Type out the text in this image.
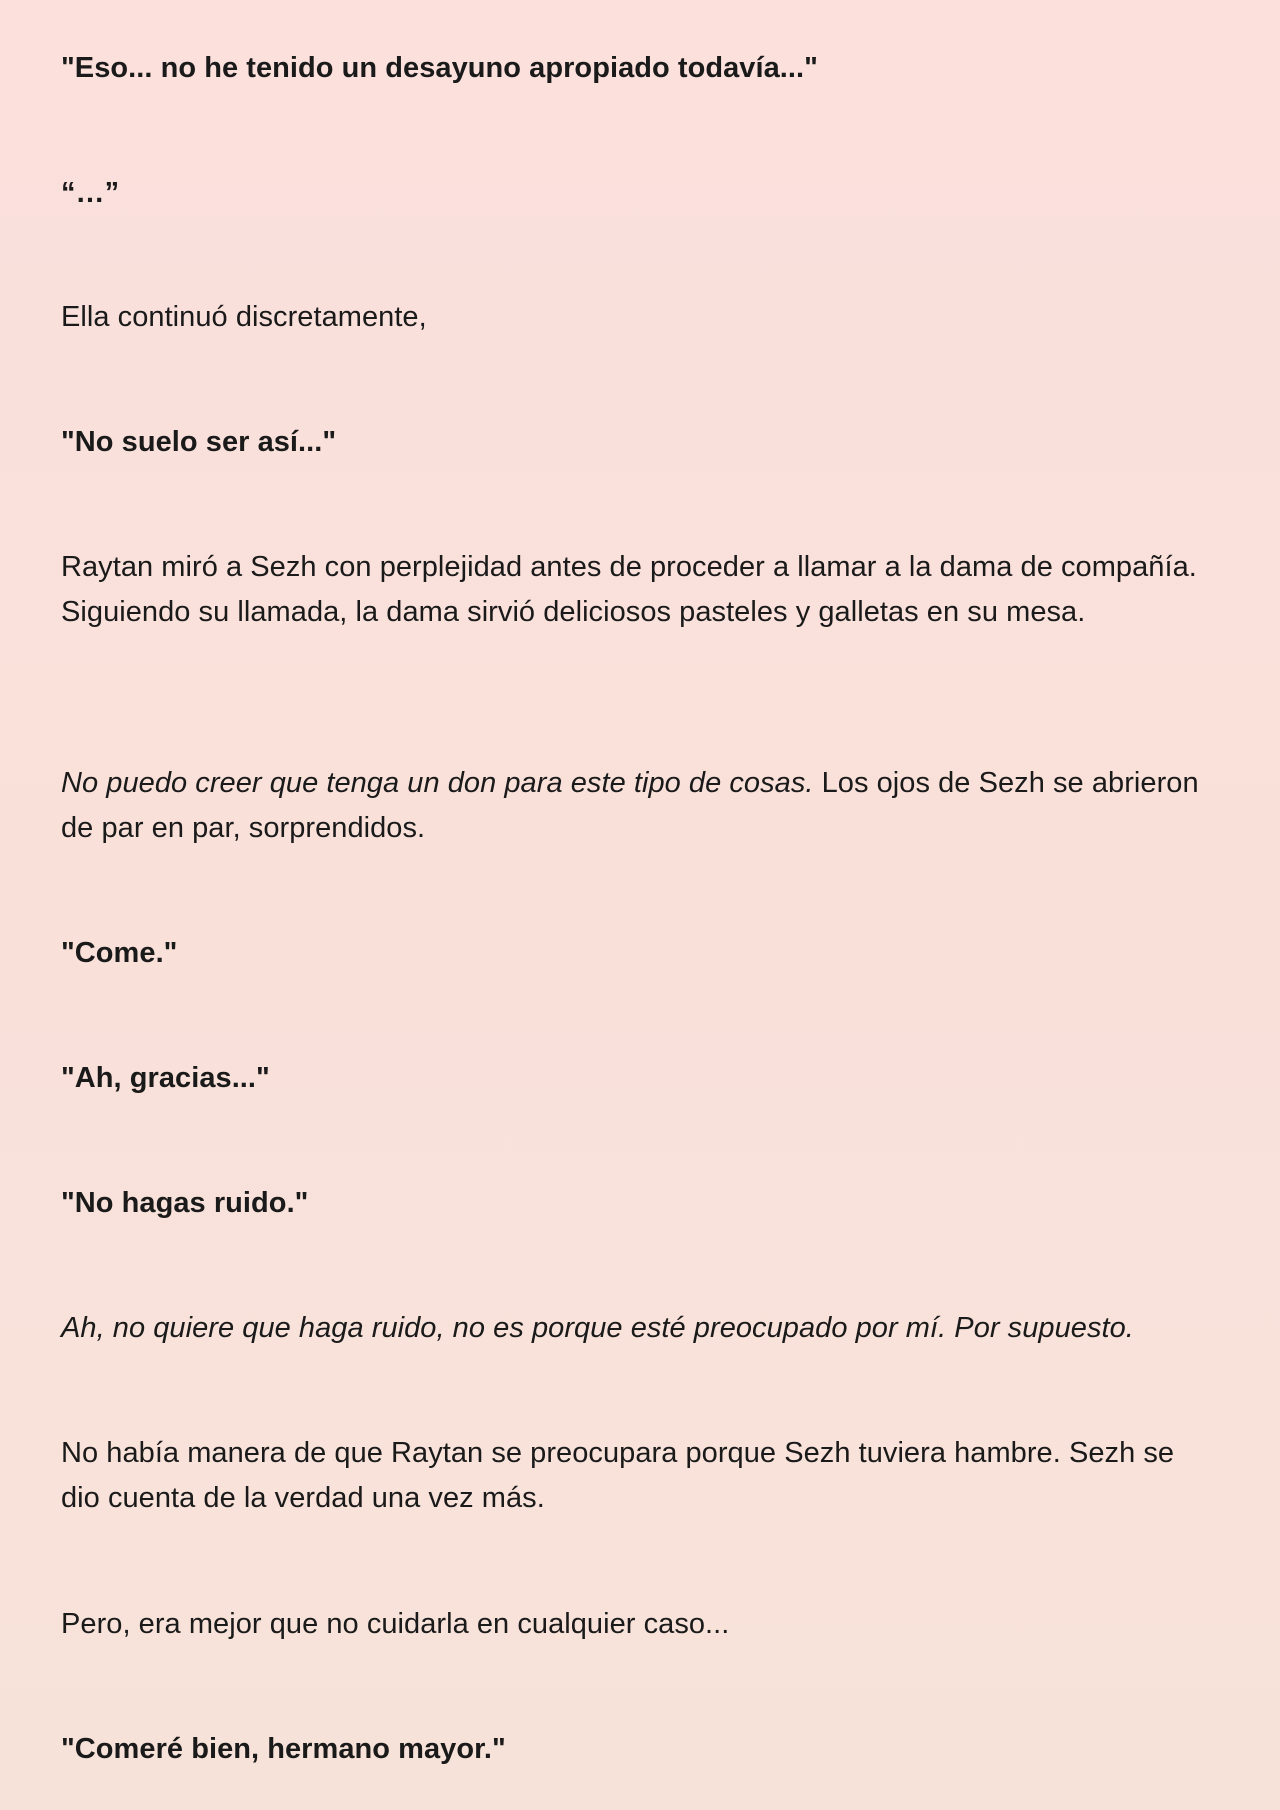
"Eso... no he tenido un desayuno apropiado todavía..."

“…”

Ella continuó discretamente,

"No suelo ser así..."

Raytan miró a Sezh con perplejidad antes de proceder a llamar a la dama de compañía. Siguiendo su llamada, la dama sirvió deliciosos pasteles y galletas en su mesa.

No puedo creer que tenga un don para este tipo de cosas. Los ojos de Sezh se abrieron de par en par, sorprendidos.

"Come."

"Ah, gracias..."

"No hagas ruido."

Ah, no quiere que haga ruido, no es porque esté preocupado por mí. Por supuesto.

No había manera de que Raytan se preocupara porque Sezh tuviera hambre. Sezh se dio cuenta de la verdad una vez más.

Pero, era mejor que no cuidarla en cualquier caso...

"Comeré bien, hermano mayor."
